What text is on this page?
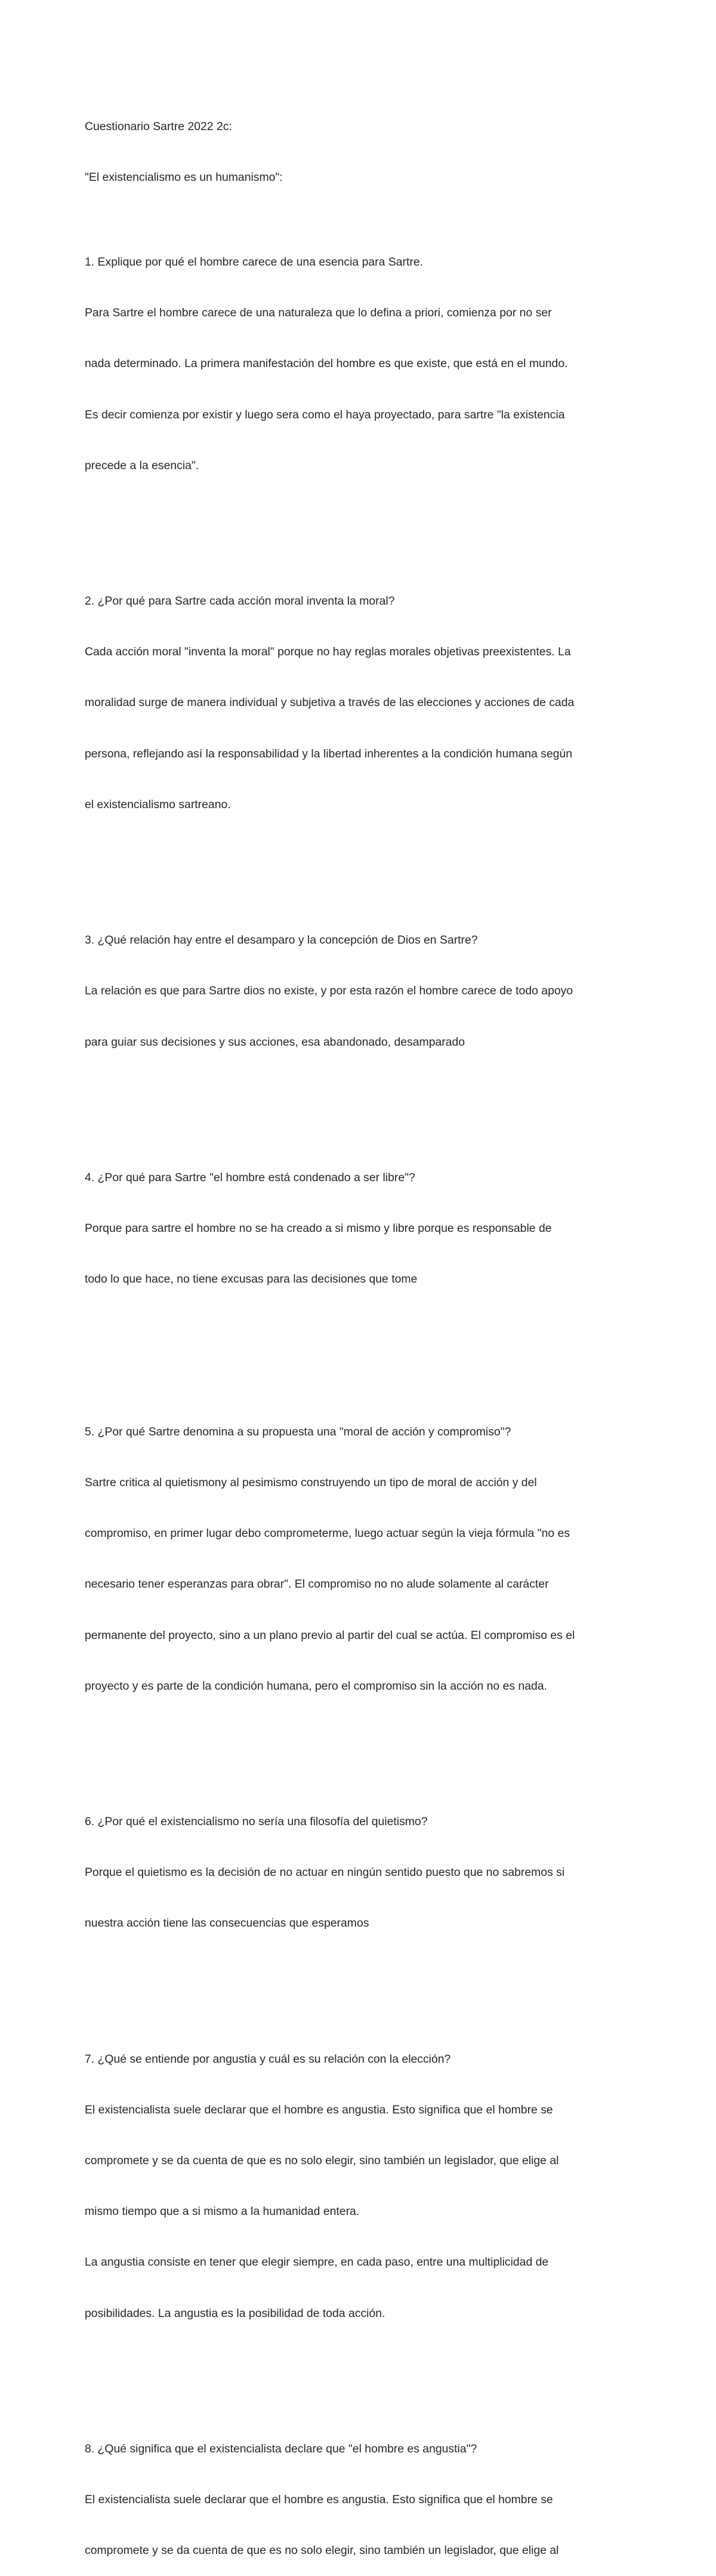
Cuestionario Sartre 2022 2c:

"El existencialismo es un humanismo":

1. Explique por qué el hombre carece de una esencia para Sartre.

Para Sartre el hombre carece de una naturaleza que lo defina a priori, comienza por no ser

nada determinado. La primera manifestación del hombre es que existe, que está en el mundo.

Es decir comienza por existir y luego sera como el haya proyectado, para sartre "la existencia

precede a la esencia".

2. ¿Por qué para Sartre cada acción moral inventa la moral?

Cada acción moral "inventa la moral" porque no hay reglas morales objetivas preexistentes. La

moralidad surge de manera individual y subjetiva a través de las elecciones y acciones de cada

persona, reflejando así la responsabilidad y la libertad inherentes a la condición humana según

el existencialismo sartreano.

3. ¿Qué relación hay entre el desamparo y la concepción de Dios en Sartre?

La relación es que para Sartre dios no existe, y por esta razón el hombre carece de todo apoyo

para guiar sus decisiones y sus acciones, esa abandonado, desamparado

4. ¿Por qué para Sartre "el hombre está condenado a ser libre"?

Porque para sartre el hombre no se ha creado a si mismo y libre porque es responsable de

todo lo que hace, no tiene excusas para las decisiones que tome

5. ¿Por qué Sartre denomina a su propuesta una "moral de acción y compromiso"?

Sartre critica al quietismony al pesimismo construyendo un tipo de moral de acción y del

compromiso, en primer lugar debo comprometerme, luego actuar según la vieja fórmula "no es

necesario tener esperanzas para obrar". El compromiso no no alude solamente al carácter

permanente del proyecto, sino a un plano previo al partir del cual se actúa. El compromiso es el

proyecto y es parte de la condición humana, pero el compromiso sin la acción no es nada.

6. ¿Por qué el existencialismo no sería una filosofía del quietismo?

Porque el quietismo es la decisión de no actuar en ningún sentido puesto que no sabremos si

nuestra acción tiene las consecuencias que esperamos

7. ¿Qué se entiende por angustia y cuál es su relación con la elección?

El existencialista suele declarar que el hombre es angustia. Esto significa que el hombre se

compromete y se da cuenta de que es no solo elegir, sino también un legislador, que elige al

mismo tiempo que a si mismo a la humanidad entera.

La angustia consiste en tener que elegir siempre, en cada paso, entre una multiplicidad de

posibilidades. La angustia es la posibilidad de toda acción.

8. ¿Qué significa que el existencialista declare que "el hombre es angustia"?

El existencialista suele declarar que el hombre es angustia. Esto significa que el hombre se

compromete y se da cuenta de que es no solo elegir, sino también un legislador, que elige al
